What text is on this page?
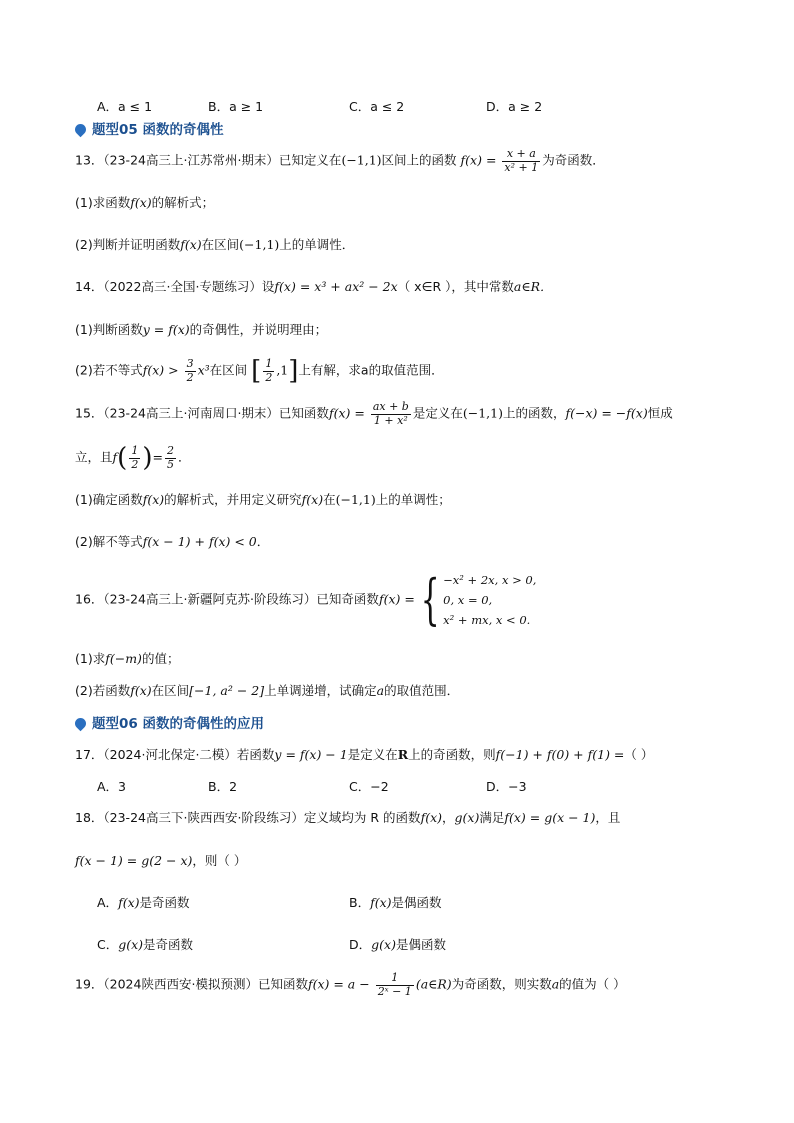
A．a ≤ 1	B．a ≥ 1	C．a ≤ 2	D．a ≥ 2
题型05 函数的奇偶性
13．（23-24高三上·江苏常州·期末）已知定义在(−1,1)区间上的函数 $f(x) = \frac{x + a}{\text{x² + 1}}$ 为奇函数．
(1)求函数f(x)的解析式；
(2)判断并证明函数f(x)在区间(−1,1)上的单调性．
14．（2022高三·全国·专题练习）设f(x) = x³ + ax² − 2x（ x∈R ），其中常数a∈R．
(1)判断函数y = f(x)的奇偶性，并说明理由；
(2)若不等式$f(x) > \frac{3}{2} x^3$在区间 [ $\frac{1}{2} ,1$]上有解，求a的取值范围．
15．（23-24高三上·河南周口·期末）已知函数$f(x) = \frac{ax + b}{\text{1 + x²}}$ 是定义在(−1,1)上的函数，f(−x) = −f(x)恒成
立，且$f( \frac{1}{2}$ )= $\frac{2}{5}$ ．
(1)确定函数f(x)的解析式，并用定义研究f(x)在(−1,1)上的单调性；
(2)解不等式f(x − 1) + f(x) < 0．
16．（23-24高三上·新疆阿克苏·阶段练习）已知奇函数f(x) = { −x² + 2x, x > 0,
0, x = 0,
x² + mx, x < 0.
(1)求f(−m)的值；
(2)若函数f(x)在区间[−1, a² − 2]上单调递增，试确定a的取值范围．
题型06 函数的奇偶性的应用
17．（2024·河北保定·二模）若函数y = f(x) − 1是定义在R上的奇函数，则f(−1) + f(0) + f(1) =（ ）
A．3	B．2	C．−2	D．−3
18．（23-24高三下·陕西西安·阶段练习）定义域均为 R 的函数f(x)，g(x)满足f(x) = g(x − 1)，且
f(x − 1) = g(2 − x)，则（ ）
A．f(x)是奇函数	B．f(x)是偶函数
C．g(x)是奇函数	D．g(x)是偶函数
19．（2024陕西西安·模拟预测）已知函数$f(x) = a - \frac{1}{\text{2ˣ − 1}}$ (a∈R)为奇函数，则实数a的值为（ ）
